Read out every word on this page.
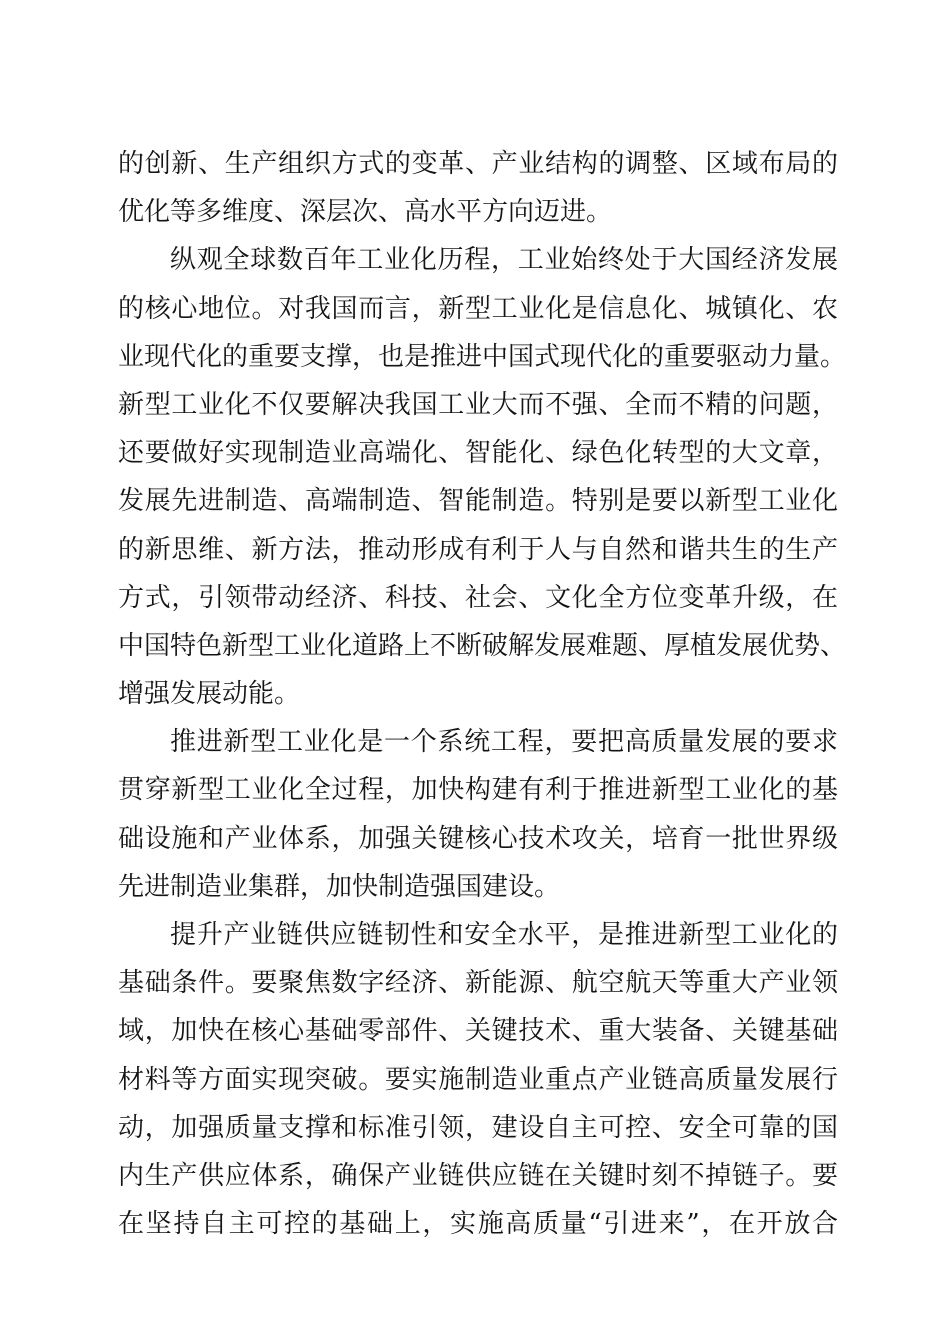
的创新、生产组织方式的变革、产业结构的调整、区域布局的
优化等多维度、深层次、高水平方向迈进。
纵观全球数百年工业化历程，工业始终处于大国经济发展
的核心地位。对我国而言，新型工业化是信息化、城镇化、农
业现代化的重要支撑，也是推进中国式现代化的重要驱动力量。
新型工业化不仅要解决我国工业大而不强、全而不精的问题，
还要做好实现制造业高端化、智能化、绿色化转型的大文章，
发展先进制造、高端制造、智能制造。特别是要以新型工业化
的新思维、新方法，推动形成有利于人与自然和谐共生的生产
方式，引领带动经济、科技、社会、文化全方位变革升级，在
中国特色新型工业化道路上不断破解发展难题、厚植发展优势、
增强发展动能。
推进新型工业化是一个系统工程，要把高质量发展的要求
贯穿新型工业化全过程，加快构建有利于推进新型工业化的基
础设施和产业体系，加强关键核心技术攻关，培育一批世界级
先进制造业集群，加快制造强国建设。
提升产业链供应链韧性和安全水平，是推进新型工业化的
基础条件。要聚焦数字经济、新能源、航空航天等重大产业领
域，加快在核心基础零部件、关键技术、重大装备、关键基础
材料等方面实现突破。要实施制造业重点产业链高质量发展行
动，加强质量支撑和标准引领，建设自主可控、安全可靠的国
内生产供应体系，确保产业链供应链在关键时刻不掉链子。要
在坚持自主可控的基础上，实施高质量“引进来”，在开放合
